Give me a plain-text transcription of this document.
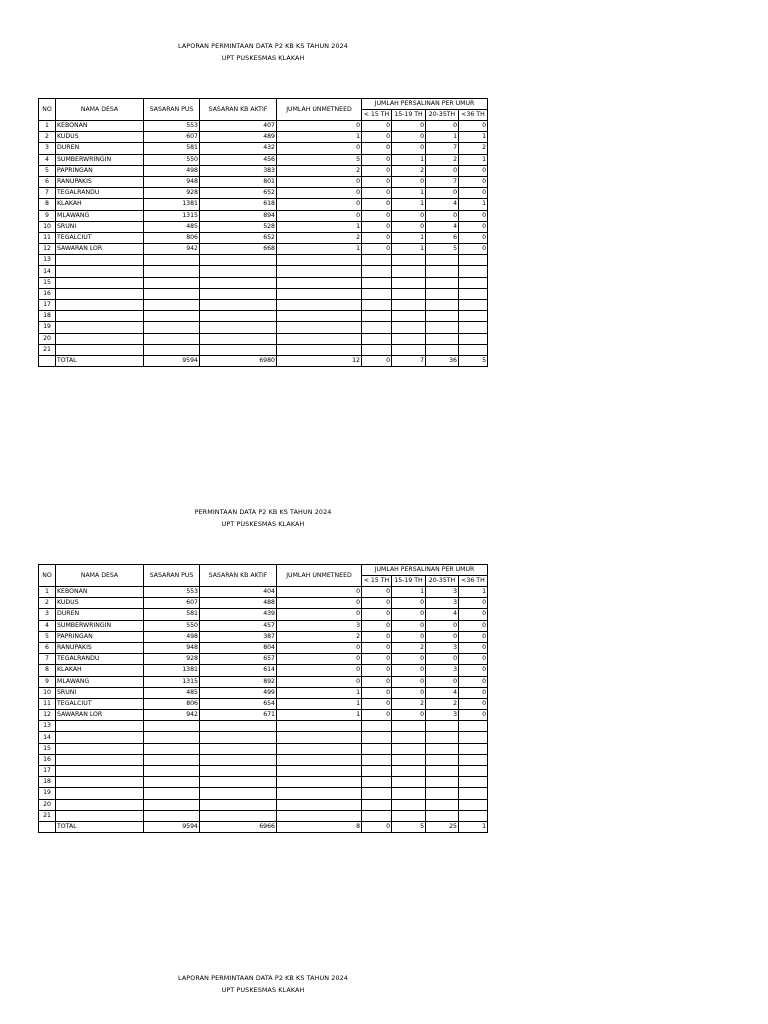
LAPORAN PERMINTAAN DATA P2 KB KS TAHUN 2024
UPT PUSKESMAS KLAKAH
NO	NAMA DESA	SASARAN PUS	SASARAN KB AKTIF	JUMLAH UNMETNEED	JUMLAH PERSALINAN PER UMUR			
					< 15 TH	15-19 TH	20-35TH	<36 TH
1	KEBONAN	553	407	0	0	0	0	0
2	KUDUS	607	489	1	0	0	1	1
3	DUREN	581	432	0	0	0	7	2
4	SUMBERWRINGIN	550	456	5	0	1	2	1
5	PAPRINGAN	498	383	2	0	2	0	0
6	RANUPAKIS	948	801	0	0	0	7	0
7	TEGALRANDU	928	652	0	0	1	0	0
8	KLAKAH	1381	618	0	0	1	4	1
9	MLAWANG	1315	894	0	0	0	0	0
10	SRUNI	485	528	1	0	0	4	0
11	TEGALCIUT	806	652	2	0	1	6	0
12	SAWARAN LOR	942	668	1	0	1	5	0
13								
14								
15								
16								
17								
18								
19								
20								
21								
	TOTAL	9594	6980	12	0	7	36	5
PERMINTAAN DATA P2 KB KS TAHUN 2024
UPT PUSKESMAS KLAKAH
NO	NAMA DESA	SASARAN PUS	SASARAN KB AKTIF	JUMLAH UNMETNEED	JUMLAH PERSALINAN PER UMUR			
					< 15 TH	15-19 TH	20-35TH	<36 TH
1	KEBONAN	553	404	0	0	1	3	1
2	KUDUS	607	488	0	0	0	3	0
3	DUREN	581	439	0	0	0	4	0
4	SUMBERWRINGIN	550	457	3	0	0	0	0
5	PAPRINGAN	498	387	2	0	0	0	0
6	RANUPAKIS	948	804	0	0	2	3	0
7	TEGALRANDU	928	657	0	0	0	0	0
8	KLAKAH	1381	614	0	0	0	3	0
9	MLAWANG	1315	892	0	0	0	0	0
10	SRUNI	485	499	1	0	0	4	0
11	TEGALCIUT	806	654	1	0	2	2	0
12	SAWARAN LOR	942	671	1	0	0	3	0
13								
14								
15								
16								
17								
18								
19								
20								
21								
	TOTAL	9594	6966	8	0	5	25	1
LAPORAN PERMINTAAN DATA P2 KB KS TAHUN 2024
UPT PUSKESMAS KLAKAH
